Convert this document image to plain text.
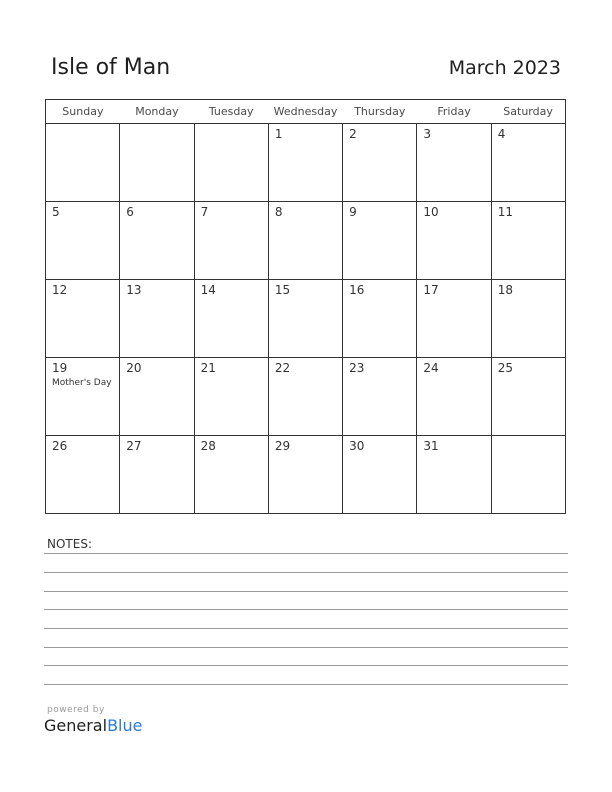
Isle of Man	March 2023
Sunday	Monday	Tuesday	Wednesday	Thursday	Friday	Saturday

			1	2	3	4

5	6	7	8	9	10	11

12	13	14	15	16	17	18

19
Mother's Day	20	21	22	23	24	25

26	27	28	29	30	31	

NOTES:
powered by
GeneralBlue
